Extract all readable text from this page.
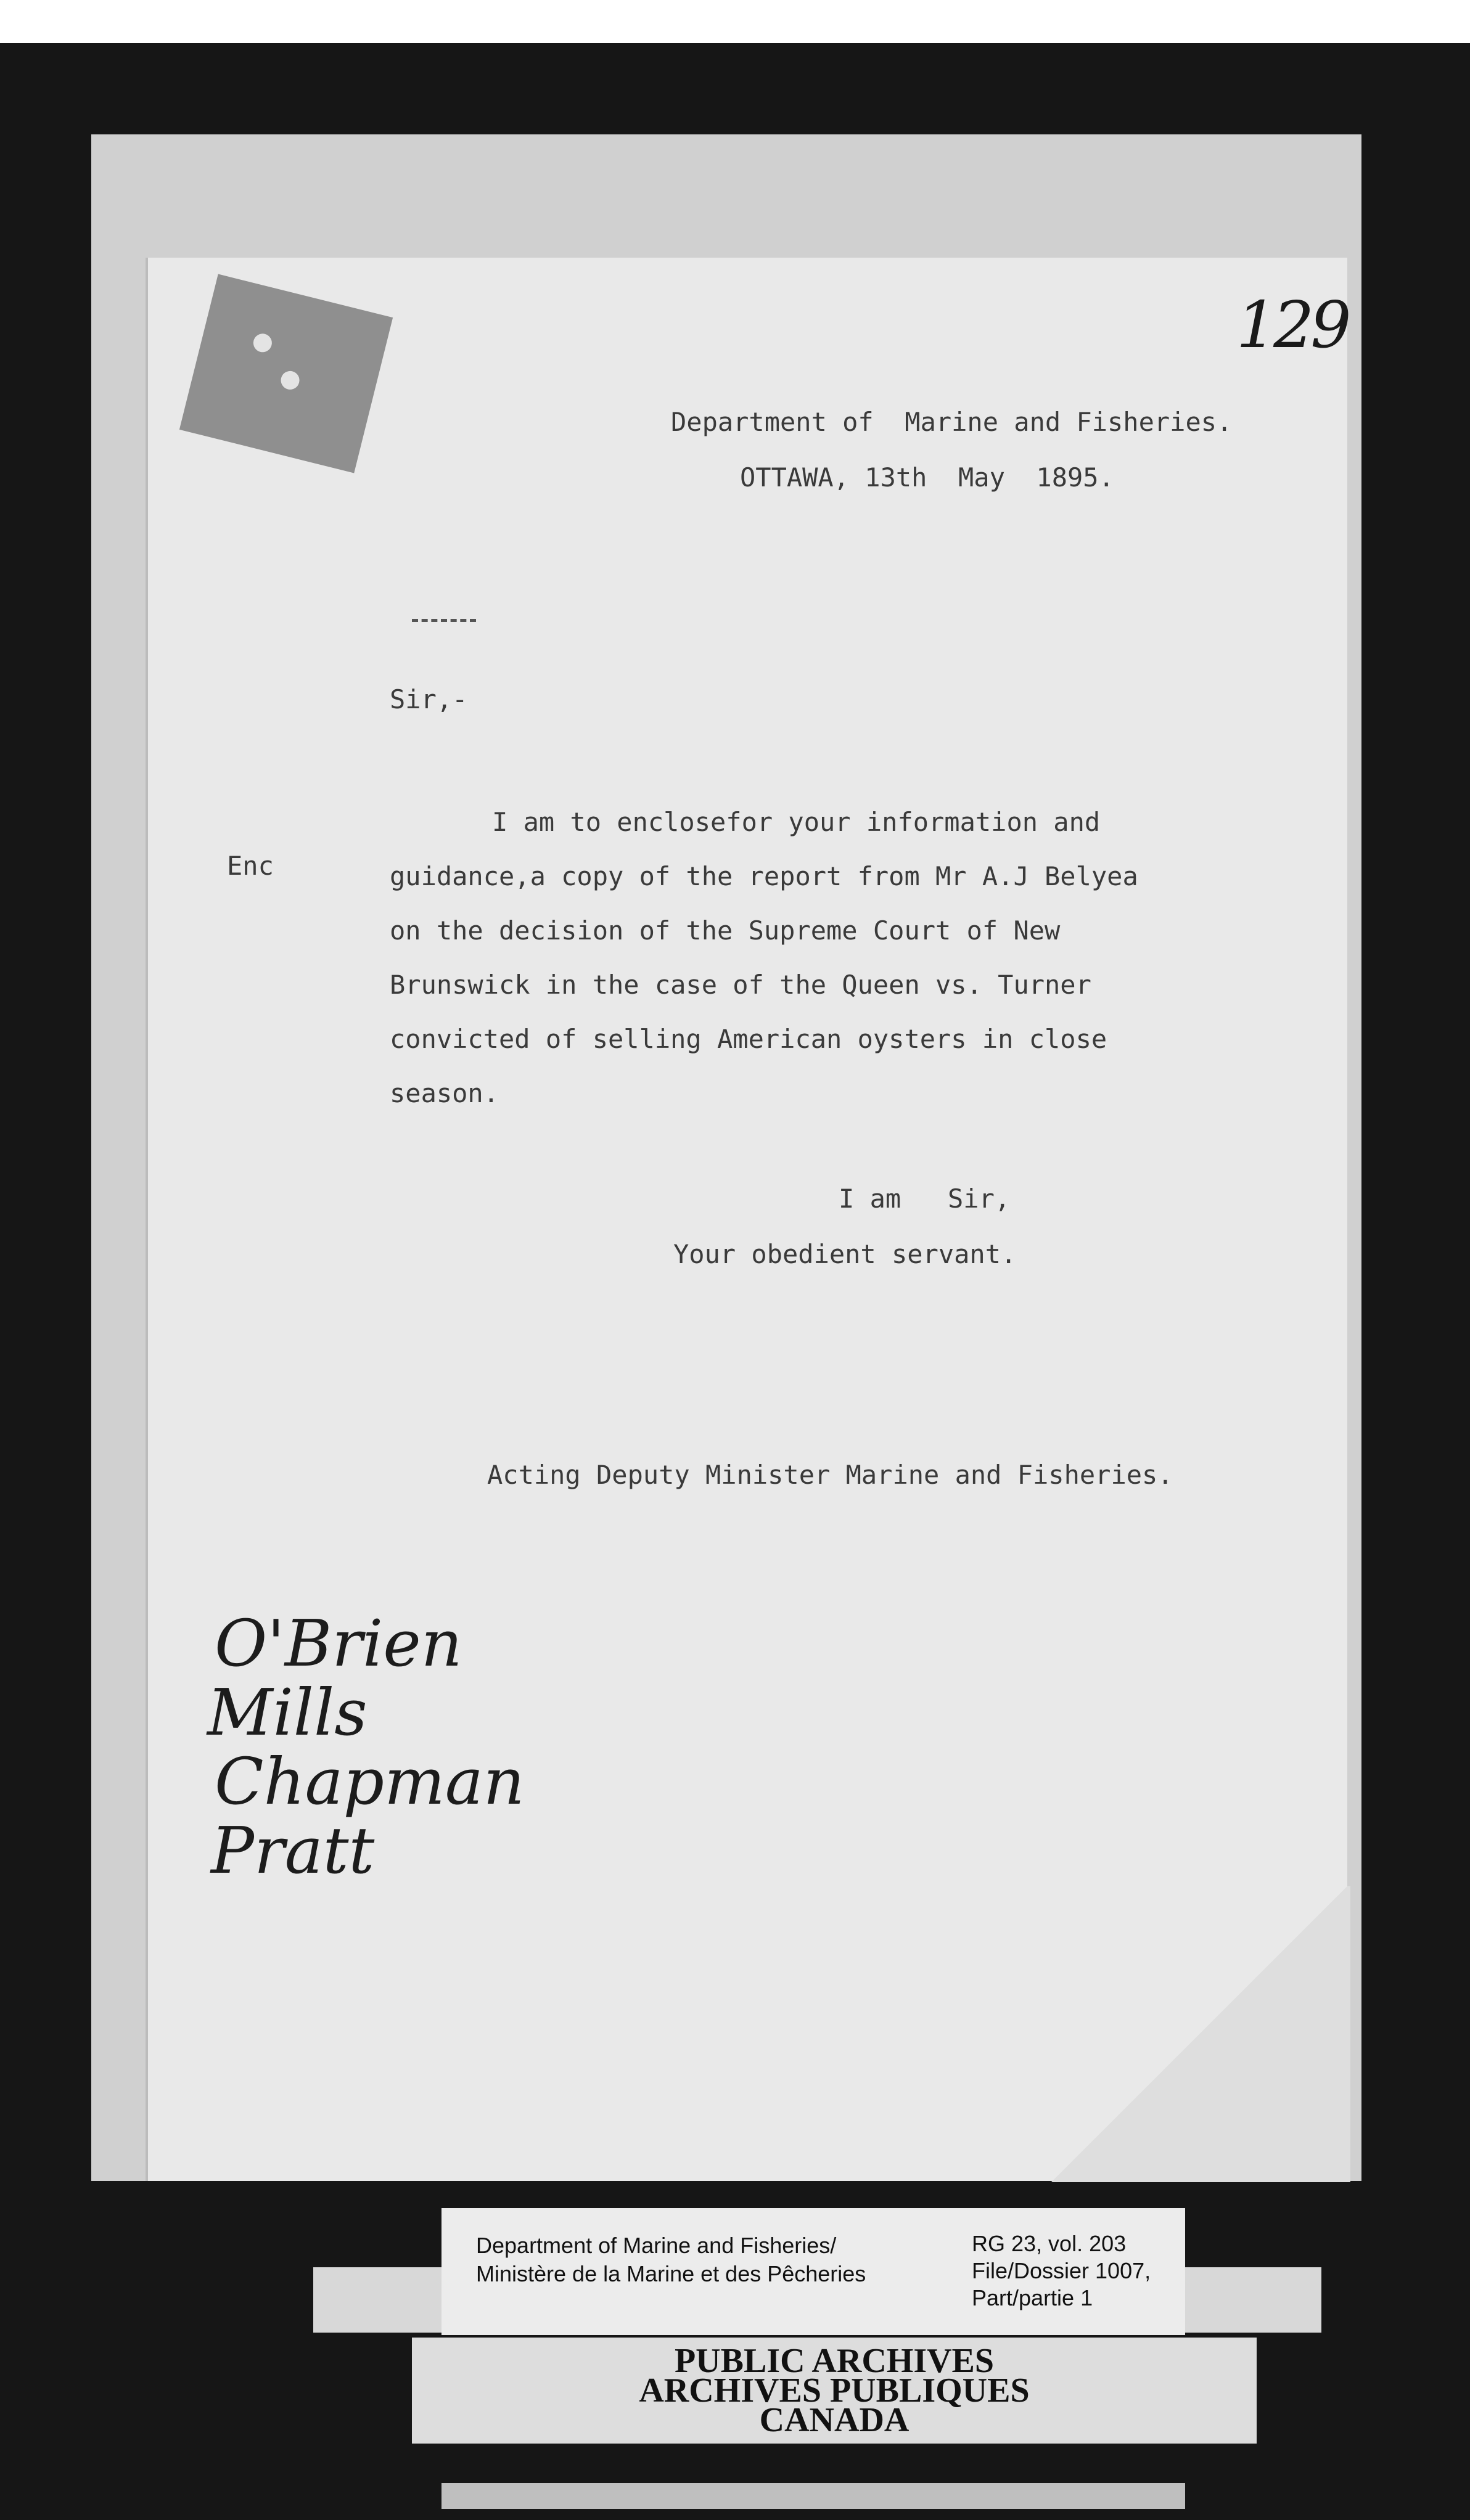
129
Department of  Marine and Fisheries.
OTTAWA, 13th  May  1895.
Sir,-
Enc
I am to enclosefor your information and
guidance,a copy of the report from Mr A.J Belyea
on the decision of the Supreme Court of New
Brunswick in the case of the Queen vs. Turner
convicted of selling American oysters in close
season.
I am   Sir,
Your obedient servant.
Acting Deputy Minister Marine and Fisheries.
O'Brien
Mills
Chapman
Pratt
Department of Marine and Fisheries/
Ministère de la Marine et des Pêcheries
RG 23, vol. 203
File/Dossier 1007,
Part/partie 1
PUBLIC ARCHIVES
ARCHIVES PUBLIQUES
CANADA
